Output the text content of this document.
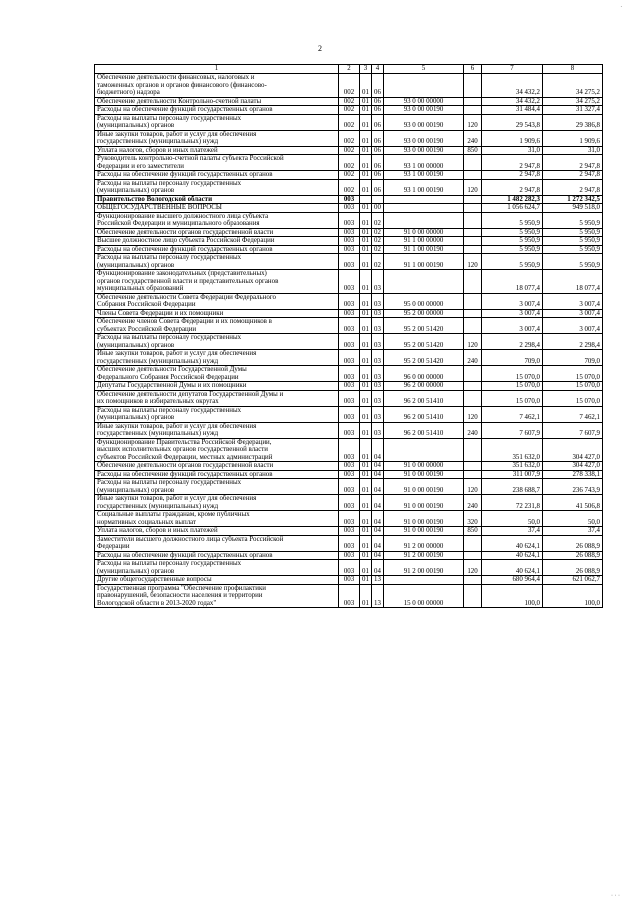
.
2
1	2	3	4	5	6	7	8
Обеспечение деятельности финансовых, налоговых и
таможенных органов и органов финансового (финансово-
бюджетного) надзора	002	01	06			34 432,2	34 275,2
Обеспечение деятельности Контрольно-счетной палаты	002	01	06	93 0 00 00000		34 432,2	34 275,2
Расходы на обеспечение функций государственных органов	002	01	06	93 0 00 00190		31 484,4	31 327,4
Расходы на выплаты персоналу государственных
(муниципальных) органов	002	01	06	93 0 00 00190	120	29 543,8	29 386,8
Иные закупки товаров, работ и услуг для обеспечения
государственных (муниципальных) нужд	002	01	06	93 0 00 00190	240	1 909,6	1 909,6
Уплата налогов, сборов и иных платежей	002	01	06	93 0 00 00190	850	31,0	31,0
Руководитель контрольно-счетной палаты субъекта Российской
Федерации и его заместители	002	01	06	93 1 00 00000		2 947,8	2 947,8
Расходы на обеспечение функций государственных органов	002	01	06	93 1 00 00190		2 947,8	2 947,8
Расходы на выплаты персоналу государственных
(муниципальных) органов	002	01	06	93 1 00 00190	120	2 947,8	2 947,8
Правительство Вологодской области	003					1 482 282,3	1 272 342,5
ОБЩЕГОСУДАРСТВЕННЫЕ ВОПРОСЫ	003	01	00			1 056 624,7	949 518,0
Функционирование высшего должностного лица субъекта
Российской Федерации и муниципального образования	003	01	02			5 950,9	5 950,9
Обеспечение деятельности органов государственной власти	003	01	02	91 0 00 00000		5 950,9	5 950,9
Высшее должностное лицо субъекта Российской Федерации	003	01	02	91 1 00 00000		5 950,9	5 950,9
Расходы на обеспечение функций государственных органов	003	01	02	91 1 00 00190		5 950,9	5 950,9
Расходы на выплаты персоналу государственных
(муниципальных) органов	003	01	02	91 1 00 00190	120	5 950,9	5 950,9
Функционирование законодательных (представительных)
органов государственной власти и представительных органов
муниципальных образований	003	01	03			18 077,4	18 077,4
Обеспечение деятельности Совета Федерации Федерального
Собрания Российской Федерации	003	01	03	95 0 00 00000		3 007,4	3 007,4
Члены Совета Федерации и их помощники	003	01	03	95 2 00 00000		3 007,4	3 007,4
Обеспечение членов Совета Федерации и их помощников в
субъектах Российской Федерации	003	01	03	95 2 00 51420		3 007,4	3 007,4
Расходы на выплаты персоналу государственных
(муниципальных) органов	003	01	03	95 2 00 51420	120	2 298,4	2 298,4
Иные закупки товаров, работ и услуг для обеспечения
государственных (муниципальных) нужд	003	01	03	95 2 00 51420	240	709,0	709,0
Обеспечение деятельности Государственной Думы
Федерального Собрания Российской Федерации	003	01	03	96 0 00 00000		15 070,0	15 070,0
Депутаты Государственной Думы и их помощники	003	01	03	96 2 00 00000		15 070,0	15 070,0
Обеспечение деятельности депутатов Государственной Думы и
их помощников в избирательных округах	003	01	03	96 2 00 51410		15 070,0	15 070,0
Расходы на выплаты персоналу государственных
(муниципальных) органов	003	01	03	96 2 00 51410	120	7 462,1	7 462,1
Иные закупки товаров, работ и услуг для обеспечения
государственных (муниципальных) нужд	003	01	03	96 2 00 51410	240	7 607,9	7 607,9
Функционирование Правительства Российской Федерации,
высших исполнительных органов государственной власти
субъектов Российской Федерации, местных администраций	003	01	04			351 632,0	304 427,0
Обеспечение деятельности органов государственной власти	003	01	04	91 0 00 00000		351 632,0	304 427,0
Расходы на обеспечение функций государственных органов	003	01	04	91 0 00 00190		311 007,9	278 338,1
Расходы на выплаты персоналу государственных
(муниципальных) органов	003	01	04	91 0 00 00190	120	238 688,7	236 743,9
Иные закупки товаров, работ и услуг для обеспечения
государственных (муниципальных) нужд	003	01	04	91 0 00 00190	240	72 231,8	41 506,8
Социальные выплаты гражданам, кроме публичных
нормативных социальных выплат	003	01	04	91 0 00 00190	320	50,0	50,0
Уплата налогов, сборов и иных платежей	003	01	04	91 0 00 00190	850	37,4	37,4
Заместители высшего должностного лица субъекта Российской
Федерации	003	01	04	91 2 00 00000		40 624,1	26 088,9
Расходы на обеспечение функций государственных органов	003	01	04	91 2 00 00190		40 624,1	26 088,9
Расходы на выплаты персоналу государственных
(муниципальных) органов	003	01	04	91 2 00 00190	120	40 624,1	26 088,9
Другие общегосударственные вопросы	003	01	13			680 964,4	621 062,7
Государственная программа "Обеспечение профилактики
правонарушений, безопасности населения и территории
Вологодской области в 2013-2020 годах"	003	01	13	15 0 00 00000		100,0	100,0
· · ·
